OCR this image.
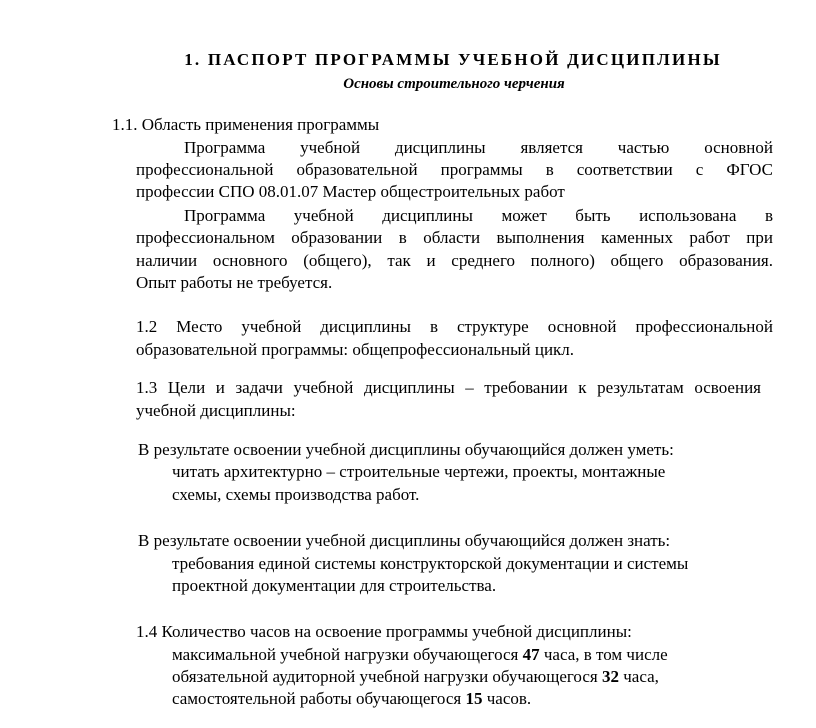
1. ПАСПОРТ ПРОГРАММЫ УЧЕБНОЙ ДИСЦИПЛИНЫ
Основы строительного черчения
1.1. Область применения программы
Программа учебной дисциплины является частью основной
профессиональной образовательной программы в соответствии с ФГОС
профессии СПО 08.01.07 Мастер общестроительных работ
Программа учебной дисциплины может быть использована в
профессиональном образовании в области выполнения каменных работ при
наличии основного (общего), так и среднего полного) общего образования.
Опыт работы не требуется.
1.2 Место учебной дисциплины в структуре основной профессиональной
образовательной программы: общепрофессиональный цикл.
1.3 Цели и задачи учебной дисциплины – требовании к результатам освоения
учебной дисциплины:
В результате освоении учебной дисциплины обучающийся должен уметь:
читать архитектурно – строительные чертежи, проекты, монтажные
схемы, схемы производства работ.
В результате освоении учебной дисциплины обучающийся должен знать:
требования единой системы конструкторской документации и системы
проектной документации для строительства.
1.4 Количество часов на освоение программы учебной дисциплины:
максимальной учебной нагрузки обучающегося 47 часа, в том числе
обязательной аудиторной учебной нагрузки обучающегося 32 часа,
самостоятельной работы обучающегося 15 часов.
